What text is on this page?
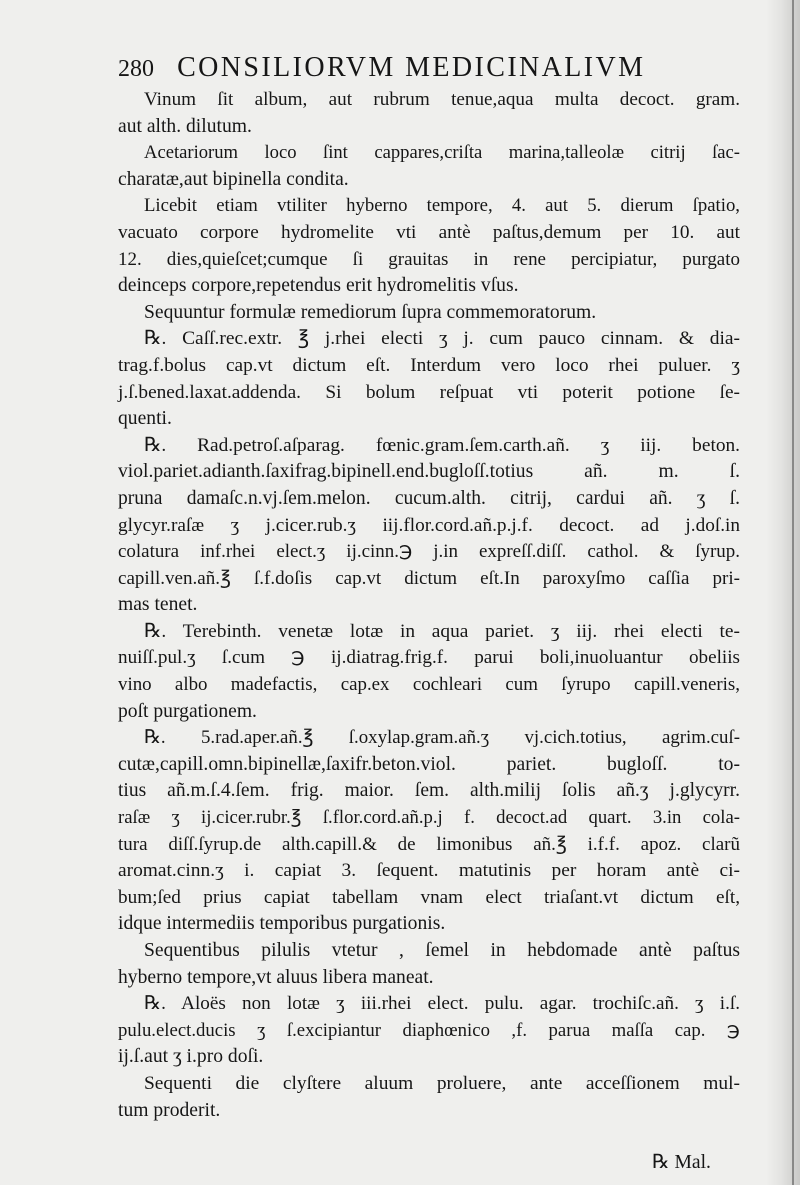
280 CONSILIORVM MEDICINALIVM
Vinum ſit album, aut rubrum tenue,aqua multa decoct. gram.
aut alth. dilutum.
Acetariorum loco ſint cappares,criſta marina,talleolæ citrij ſac-
charatæ,aut bipinella condita.
Licebit etiam vtiliter hyberno tempore, 4. aut 5. dierum ſpatio,
vacuato corpore hydromelite vti antè paſtus,demum per 10. aut
12. dies,quieſcet;cumque ſi grauitas in rene percipiatur, purgato
deinceps corpore,repetendus erit hydromelitis vſus.
Sequuntur formulæ remediorum ſupra commemoratorum.
℞. Caſſ.rec.extr. ℥ j.rhei electi ʒ j. cum pauco cinnam. & dia-
trag.f.bolus cap.vt dictum eſt. Interdum vero loco rhei puluer. ʒ
j.ſ.bened.laxat.addenda. Si bolum reſpuat vti poterit potione ſe-
quenti.
℞. Rad.petroſ.aſparag. fœnic.gram.ſem.carth.añ. ʒ iij. beton.
viol.pariet.adianth.ſaxifrag.bipinell.end.bugloſſ.totius añ. m. ſ.
pruna damaſc.n.vj.ſem.melon. cucum.alth. citrij, cardui añ. ʒ ſ.
glycyr.raſæ ʒ j.cicer.rub.ʒ iij.flor.cord.añ.p.j.f. decoct. ad j.doſ.in
colatura inf.rhei elect.ʒ ij.cinn.℈ j.in expreſſ.diſſ. cathol. & ſyrup.
capill.ven.añ.℥ ſ.f.doſis cap.vt dictum eſt.In paroxyſmo caſſia pri-
mas tenet.
℞. Terebinth. venetæ lotæ in aqua pariet. ʒ iij. rhei electi te-
nuiſſ.pul.ʒ ſ.cum ℈ ij.diatrag.frig.f. parui boli,inuoluantur obeliis
vino albo madefactis, cap.ex cochleari cum ſyrupo capill.veneris,
poſt purgationem.
℞. 5.rad.aper.añ.℥ ſ.oxylap.gram.añ.ʒ vj.cich.totius, agrim.cuſ-
cutæ,capill.omn.bipinellæ,ſaxifr.beton.viol. pariet. bugloſſ. to-
tius añ.m.ſ.4.ſem. frig. maior. ſem. alth.milij ſolis añ.ʒ j.glycyrr.
raſæ ʒ ij.cicer.rubr.℥ ſ.flor.cord.añ.p.j f. decoct.ad quart. 3.in cola-
tura diſſ.ſyrup.de alth.capill.& de limonibus añ.℥ i.f.f. apoz. clarũ
aromat.cinn.ʒ i. capiat 3. ſequent. matutinis per horam antè ci-
bum;ſed prius capiat tabellam vnam elect triaſant.vt dictum eſt,
idque intermediis temporibus purgationis.
Sequentibus pilulis vtetur , ſemel in hebdomade antè paſtus
hyberno tempore,vt aluus libera maneat.
℞. Aloës non lotæ ʒ iii.rhei elect. pulu. agar. trochiſc.añ. ʒ i.ſ.
pulu.elect.ducis ʒ ſ.excipiantur diaphœnico ,f. parua maſſa cap. ℈
ij.ſ.aut ʒ i.pro doſi.
Sequenti die clyſtere aluum proluere, ante acceſſionem mul-
tum proderit.
℞ Mal.
